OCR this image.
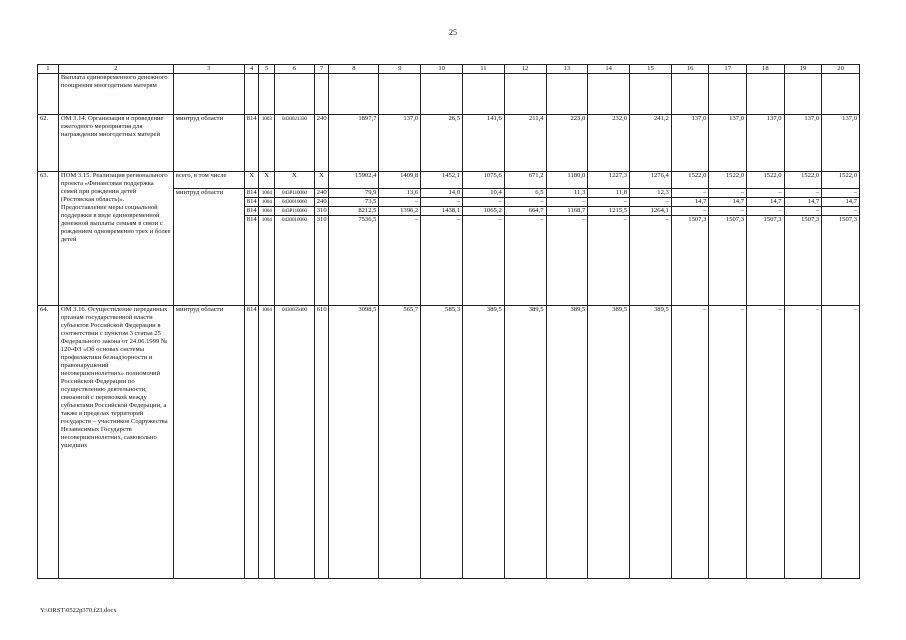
25
1	2	3	4	5	6	7	8	9	10	11	12	13	14	15	16	17	18	19	20
	Выплата единовременного денежного поощрения многодетным матерям																		
62.	ОМ 3.14. Организация и проведение ежегодного мероприятия для награждения многодетных матерей	минтруд области	814	1003	0430021330	240	1897,7	137,0	26,5	141,6	211,4	223,0	232,0	241,2	137,0	137,0	137,0	137,0	137,0
63.	ПОМ 3.15. Реализация регионального проекта «Финансовая поддержка семей при рождении детей (Ростовская область)». Предоставление меры социальной поддержки в виде единовременной денежной выплаты семьям в связи с рождением одновременно трех и более детей	всего, в том числе	Х	Х	Х	Х	15902,4	1409,8	1452,1	1075,6	671,2	1180,0	1227,3	1276,4	1522,0	1522,0	1522,0	1522,0	1522,0
		минтруд области	814	1004	043P110060	240	79,9	13,6	14,0	10,4	6,5	11,3	11,8	12,3	–	–	–	–	–
			814	1004	0430010060	240	73,5	–	–	–	–	–	–	–	14,7	14,7	14,7	14,7	14,7
			814	1004	043P110060	310	8212,5	1396,2	1438,1	1065,2	664,7	1168,7	1215,5	1264,1	–	–	–	–	–
			814	1004	0430010060	310	7536,5	–	–	–	–	–	–	–	1507,3	1507,3	1507,3	1507,3	1507,3
64.	ОМ 3.16. Осуществление переданных органам государственной власти субъектов Российской Федерации в соответствии с пунктом 3 статьи 25 Федерального закона от 24.06.1999 № 120-ФЗ «Об основах системы профилактики безнадзорности и правонарушений несовершеннолетних» полномочий Российской Федерации по осуществлению деятельности, связанной с перевозкой между субъектами Российской Федерации, а также в пределах территорий государств – участников Содружества Независимых Государств несовершеннолетних, самовольно ушедших	минтруд области	814	1004	0430059400	610	3098,5	565,7	585,3	389,5	389,5	389,5	389,5	389,5	–	–	–	–	–
Y:\ORST\0522p370.f23.docx
